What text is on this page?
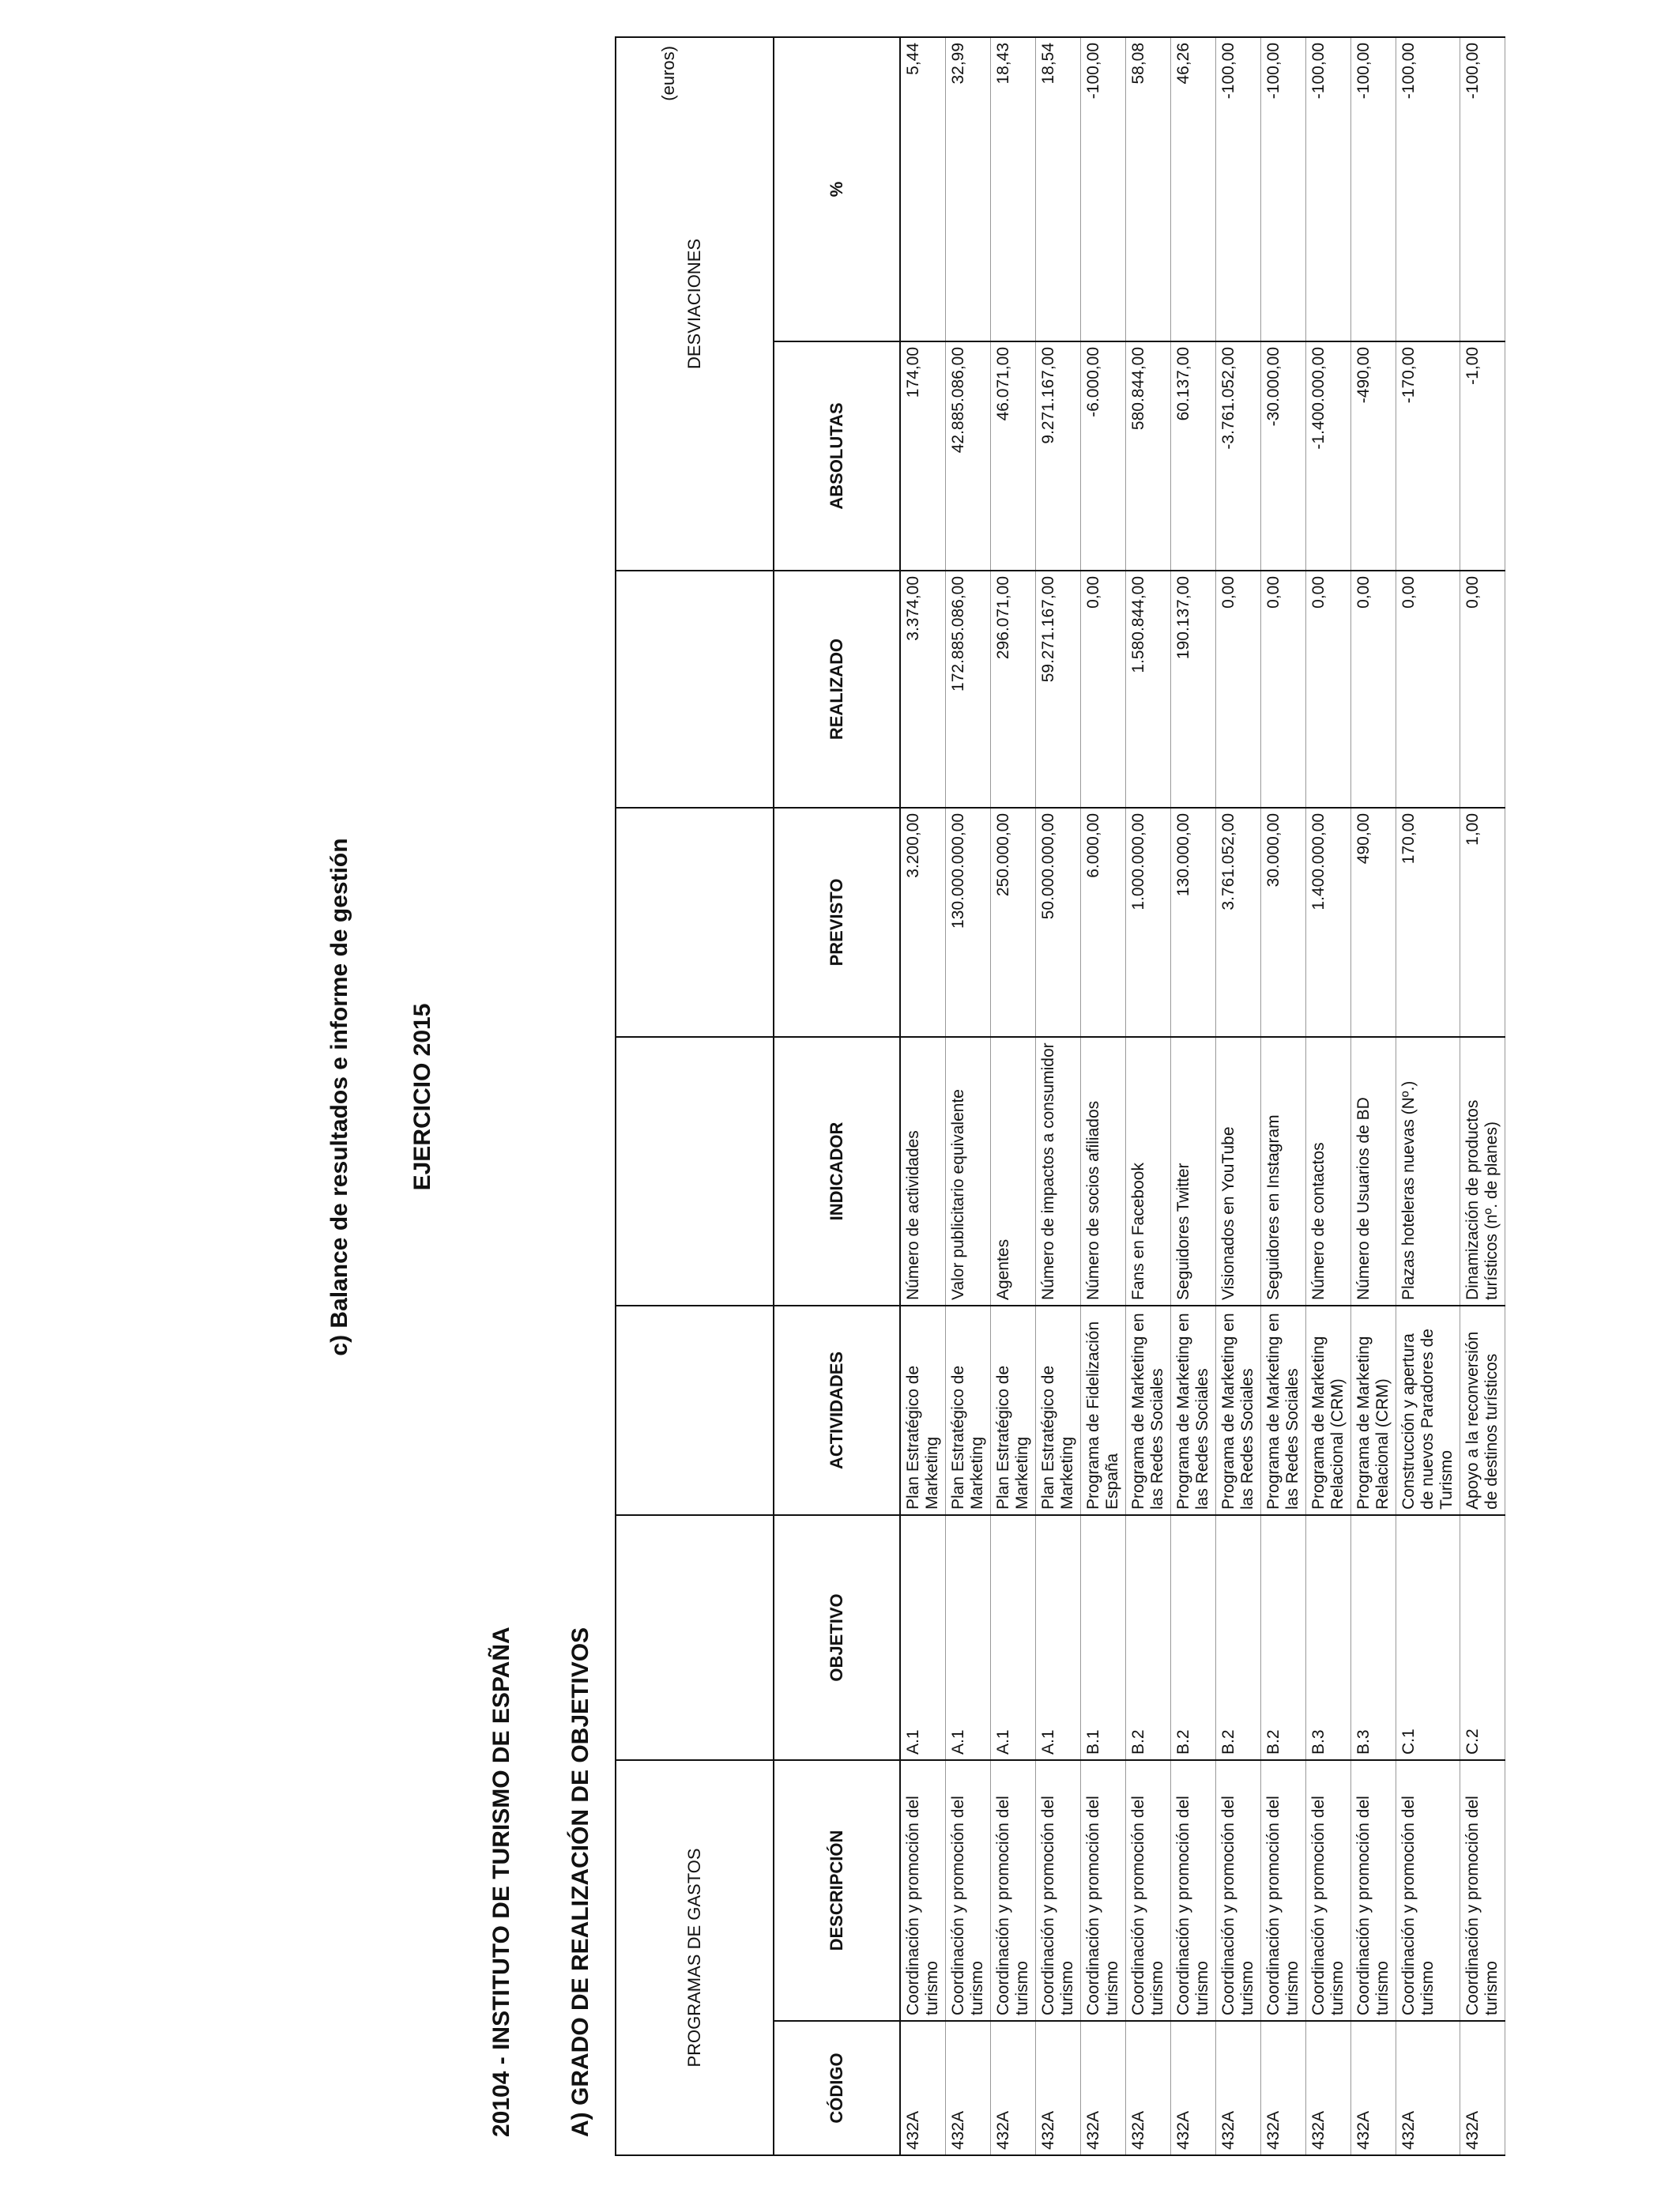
c) Balance de resultados e informe de gestión EJERCICIO 2015
20104 - INSTITUTO DE TURISMO DE ESPAÑA A) GRADO DE REALIZACIÓN DE OBJETIVOS
(euros)
PROGRAMAS DE GASTOS							DESVIACIONES	
CÓDIGO	DESCRIPCIÓN	OBJETIVO	ACTIVIDADES	INDICADOR	PREVISTO	REALIZADO	ABSOLUTAS	%
432A	Coordinación y promoción del turismo	A.1	Plan Estratégico de Marketing	Número de actividades	3.200,00	3.374,00	174,00	5,44
432A	Coordinación y promoción del turismo	A.1	Plan Estratégico de Marketing	Valor publicitario equivalente	130.000.000,00	172.885.086,00	42.885.086,00	32,99
432A	Coordinación y promoción del turismo	A.1	Plan Estratégico de Marketing	Agentes	250.000,00	296.071,00	46.071,00	18,43
432A	Coordinación y promoción del turismo	A.1	Plan Estratégico de Marketing	Número de impactos a consumidor	50.000.000,00	59.271.167,00	9.271.167,00	18,54
432A	Coordinación y promoción del turismo	B.1	Programa de Fidelización España	Número de socios afiliados	6.000,00	0,00	-6.000,00	-100,00
432A	Coordinación y promoción del turismo	B.2	Programa de Marketing en las Redes Sociales	Fans en Facebook	1.000.000,00	1.580.844,00	580.844,00	58,08
432A	Coordinación y promoción del turismo	B.2	Programa de Marketing en las Redes Sociales	Seguidores Twitter	130.000,00	190.137,00	60.137,00	46,26
432A	Coordinación y promoción del turismo	B.2	Programa de Marketing en las Redes Sociales	Visionados en YouTube	3.761.052,00	0,00	-3.761.052,00	-100,00
432A	Coordinación y promoción del turismo	B.2	Programa de Marketing en las Redes Sociales	Seguidores en Instagram	30.000,00	0,00	-30.000,00	-100,00
432A	Coordinación y promoción del turismo	B.3	Programa de Marketing Relacional (CRM)	Número de contactos	1.400.000,00	0,00	-1.400.000,00	-100,00
432A	Coordinación y promoción del turismo	B.3	Programa de Marketing Relacional (CRM)	Número de Usuarios de BD	490,00	0,00	-490,00	-100,00
432A	Coordinación y promoción del turismo	C.1	Construcción y apertura de nuevos Paradores de Turismo	Plazas hoteleras nuevas (Nº.)	170,00	0,00	-170,00	-100,00
432A	Coordinación y promoción del turismo	C.2	Apoyo a la reconversión de destinos turísticos	Dinamización de productos turísticos (nº. de planes)	1,00	0,00	-1,00	-100,00
